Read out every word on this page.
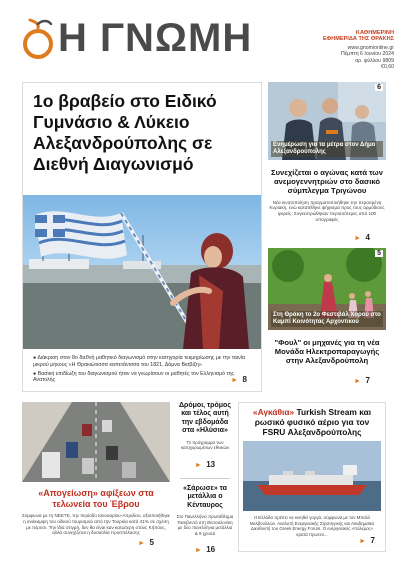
Η ΓΝΩΜΗ	ΚΑΘΗΜΕΡΙΝΗ
ΕΦΗΜΕΡΙΔΑ ΤΗΣ ΘΡΑΚΗΣ
www.gnomionline.gr
Πέμπτη 6 Ιουνίου 2024
αρ. φύλλου 9809
€0,60
1ο βραβείο στο Ειδικό Γυμνάσιο & Λύκειο Αλεξανδρούπολης σε Διεθνή Διαγωνισμό

● Διάκριση στον 8ο διεθνή μαθητικό διαγωνισμό στην κατηγορία τεκμηρίωσης με την ταινία μικρού μήκους «Η Θρακιώτισσα καπετάνισσα του 1821, Δόμνα Βισβίζη»

● Βασική επιδίωξη του διαγωνισμού ήταν να γνωρίσουν οι μαθητές τον Ελληνισμό της Ανατολής	► 8
6
Ενημέρωση για τα μέτρα στον Δήμο Αλεξανδρούπολης
Συνεχίζεται ο αγώνας κατά των ανεμογεννητριών στο δασικό σύμπλεγμα Τριγώνου

Νέα κινητοποίηση πραγματοποιήθηκε την περασμένη Κυριακή, ενώ κατατέθηκε ψήφισμα προς τους αρμόδιους φορείς. Συγκεντρώθηκαν περισσότερες από 100 υπογραφές

► 4
5
Στη Θράκη το 2ο Φεστιβάλ Χορού στο Καμπί Κοινότητας Αρχοντικού
"Φουλ" οι μηχανές για τη νέα Μονάδα Ηλεκτροπαραγωγής στην Αλεξανδρούπολη
► 7
«Απογείωση» αφίξεων στα τελωνεία του Έβρου

Σύμφωνα με τη ΝΕΕΤΕ, την περίοδο Ιανουαρίου-Απριλίου, αξιοποιήθηκε η ανάκαμψη του οδικού τουρισμού από την Τουρκία κατά 41% σε σχέση με πέρυσι. Την ίδια στιγμή, δεν θα είναι καν κατώτερη στους Κήπους, αλλά συνεχίζεται η δυσκολία προσπέλασης

► 5
Δρόμοι, τρόμος και τέλος αυτή την εβδομάδα στα «Ηλύσια»

Το πρόγραμμα των κατοχυρωμένων εθνικών

► 13
«Σάρωσε» τα μετάλλια ο Κένταυρος

Στο Πανελλήνιο πρωτάθλημα Ταεκβοντό στη Θεσσαλονίκη με δύο πανελλήνια μετάλλια & 9 χρυσά

► 16
«Αγκάθια» Turkish Stream και ρωσικό φυσικό αέριο για τον FSRU Αλεξανδρούπολης

Η Ελλάδα πρέπει να κινηθεί γοργά, σύμφωνα με τον Μπαλλ Μελβουλλών. Αναλυτή Ενεργειακής Στρατηγικής και Ακαδημαϊκό Διευθυντή του Greek Energy Forum. Ο ενεργειακός «πόλεμος» κρατά πρωτεύ...

► 7
